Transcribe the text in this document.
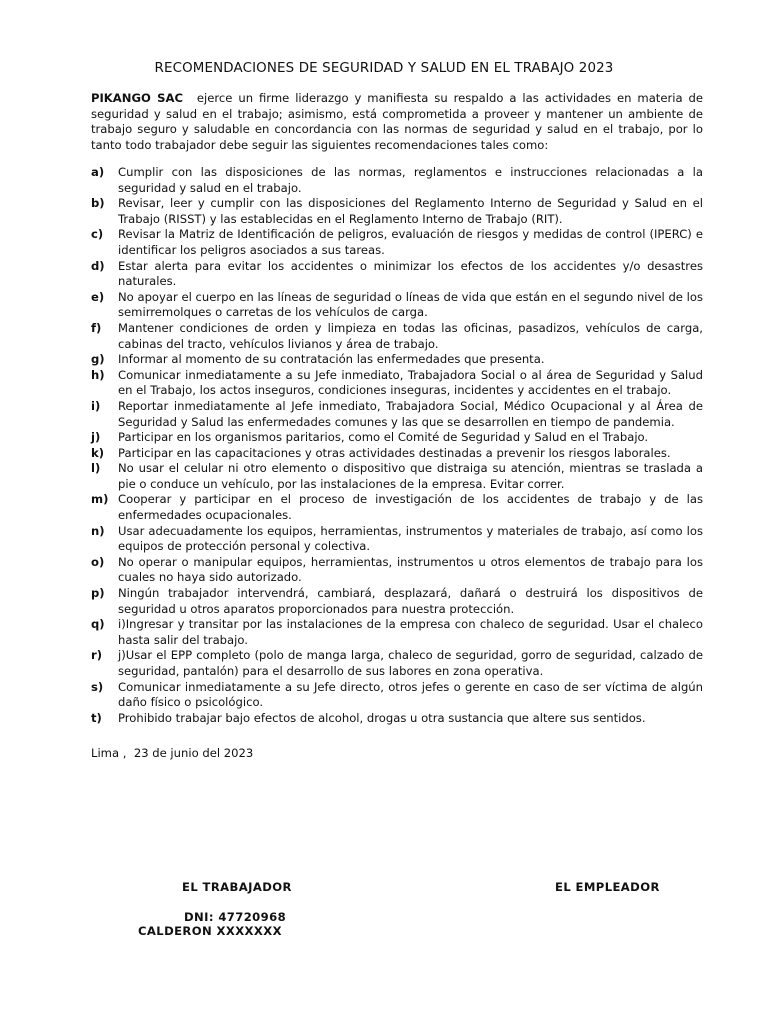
RECOMENDACIONES DE SEGURIDAD Y SALUD EN EL TRABAJO 2023
PIKANGO SAC ejerce un firme liderazgo y manifiesta su respaldo a las actividades en materia de seguridad y salud en el trabajo; asimismo, está comprometida a proveer y mantener un ambiente de trabajo seguro y saludable en concordancia con las normas de seguridad y salud en el trabajo, por lo tanto todo trabajador debe seguir las siguientes recomendaciones tales como:
a)	Cumplir con las disposiciones de las normas, reglamentos e instrucciones relacionadas a la seguridad y salud en el trabajo.
b)	Revisar, leer y cumplir con las disposiciones del Reglamento Interno de Seguridad y Salud en el Trabajo (RISST) y las establecidas en el Reglamento Interno de Trabajo (RIT).
c)	Revisar la Matriz de Identificación de peligros, evaluación de riesgos y medidas de control (IPERC) e identificar los peligros asociados a sus tareas.
d)	Estar alerta para evitar los accidentes o minimizar los efectos de los accidentes y/o desastres naturales.
e)	No apoyar el cuerpo en las líneas de seguridad o líneas de vida que están en el segundo nivel de los semirremolques o carretas de los vehículos de carga.
f)	Mantener condiciones de orden y limpieza en todas las oficinas, pasadizos, vehículos de carga, cabinas del tracto, vehículos livianos y área de trabajo.
g)	Informar al momento de su contratación las enfermedades que presenta.
h)	Comunicar inmediatamente a su Jefe inmediato, Trabajadora Social o al área de Seguridad y Salud en el Trabajo, los actos inseguros, condiciones inseguras, incidentes y accidentes en el trabajo.
i)	Reportar inmediatamente al Jefe inmediato, Trabajadora Social, Médico Ocupacional y al Área de Seguridad y Salud las enfermedades comunes y las que se desarrollen en tiempo de pandemia.
j)	Participar en los organismos paritarios, como el Comité de Seguridad y Salud en el Trabajo.
k)	Participar en las capacitaciones y otras actividades destinadas a prevenir los riesgos laborales.
l)	No usar el celular ni otro elemento o dispositivo que distraiga su atención, mientras se traslada a pie o conduce un vehículo, por las instalaciones de la empresa. Evitar correr.
m) Cooperar y participar en el proceso de investigación de los accidentes de trabajo y de las enfermedades ocupacionales.
n)	Usar adecuadamente los equipos, herramientas, instrumentos y materiales de trabajo, así como los equipos de protección personal y colectiva.
o)	No operar o manipular equipos, herramientas, instrumentos u otros elementos de trabajo para los cuales no haya sido autorizado.
p)	Ningún trabajador intervendrá, cambiará, desplazará, dañará o destruirá los dispositivos de seguridad u otros aparatos proporcionados para nuestra protección.
q)	i)Ingresar y transitar por las instalaciones de la empresa con chaleco de seguridad. Usar el chaleco hasta salir del trabajo.
r)	j)Usar el EPP completo (polo de manga larga, chaleco de seguridad, gorro de seguridad, calzado de seguridad, pantalón) para el desarrollo de sus labores en zona operativa.
s)	Comunicar inmediatamente a su Jefe directo, otros jefes o gerente en caso de ser víctima de algún daño físico o psicológico.
t)	Prohibido trabajar bajo efectos de alcohol, drogas u otra sustancia que altere sus sentidos.
Lima ,  23 de junio del 2023
EL TRABAJADOR	EL EMPLEADOR
DNI: 47720968
CALDERON XXXXXXX
